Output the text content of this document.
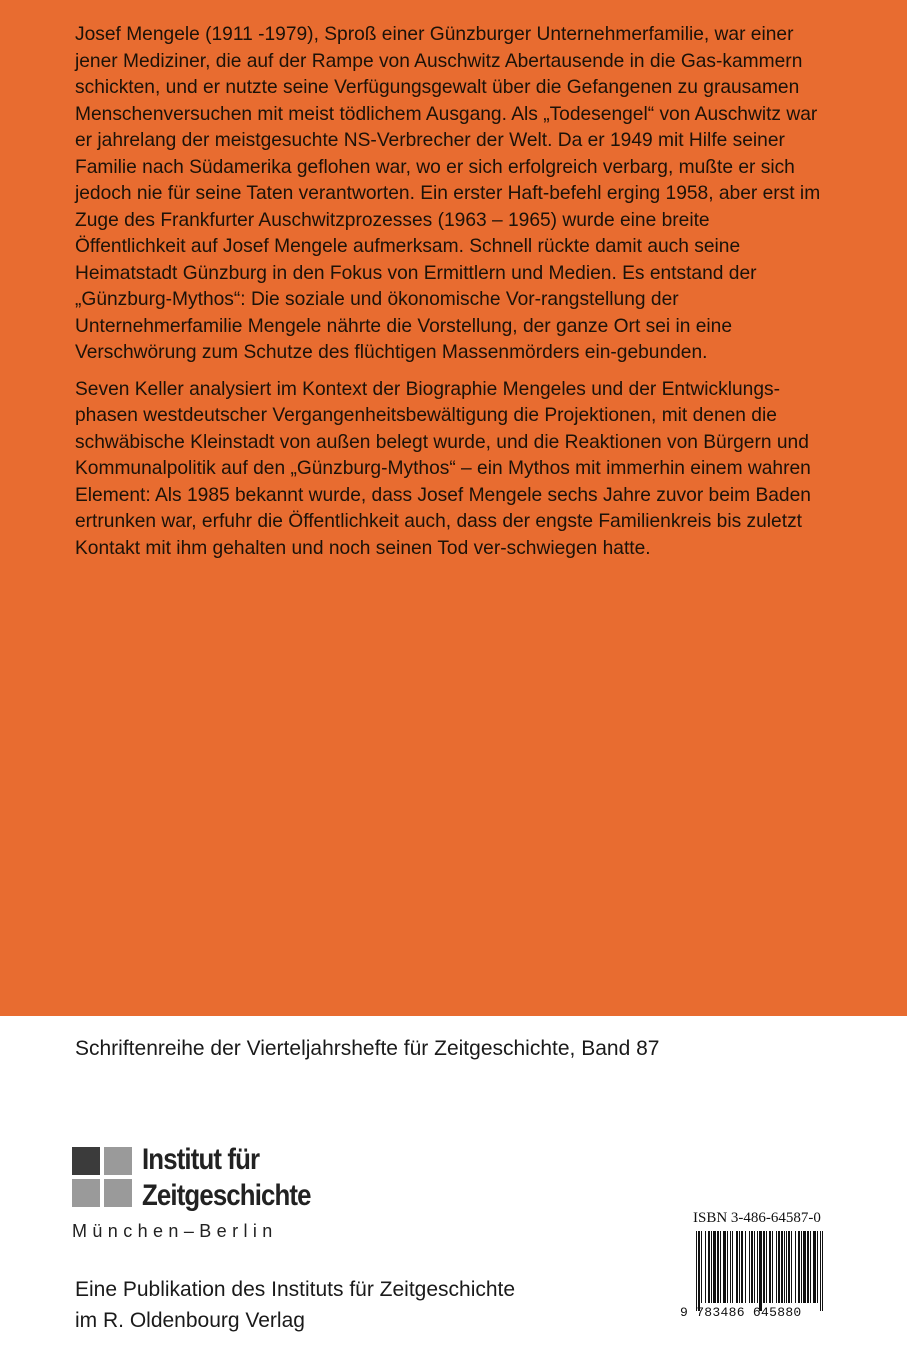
Josef Mengele (1911 -1979), Sproß einer Günzburger Unternehmerfamilie, war einer jener Mediziner, die auf der Rampe von Auschwitz Abertausende in die Gas-kammern schickten, und er nutzte seine Verfügungsgewalt über die Gefangenen zu grausamen Menschenversuchen mit meist tödlichem Ausgang. Als „Todesengel“ von Auschwitz war er jahrelang der meistgesuchte NS-Verbrecher der Welt. Da er 1949 mit Hilfe seiner Familie nach Südamerika geflohen war, wo er sich erfolgreich verbarg, mußte er sich jedoch nie für seine Taten verantworten. Ein erster Haft-befehl erging 1958, aber erst im Zuge des Frankfurter Auschwitzprozesses (1963 – 1965) wurde eine breite Öffentlichkeit auf Josef Mengele aufmerksam. Schnell rückte damit auch seine Heimatstadt Günzburg in den Fokus von Ermittlern und Medien. Es entstand der „Günzburg-Mythos“: Die soziale und ökonomische Vor-rangstellung der Unternehmerfamilie Mengele nährte die Vorstellung, der ganze Ort sei in eine Verschwörung zum Schutze des flüchtigen Massenmörders ein-gebunden.

Seven Keller analysiert im Kontext der Biographie Mengeles und der Entwicklungs-phasen westdeutscher Vergangenheitsbewältigung die Projektionen, mit denen die schwäbische Kleinstadt von außen belegt wurde, und die Reaktionen von Bürgern und Kommunalpolitik auf den „Günzburg-Mythos“ – ein Mythos mit immerhin einem wahren Element: Als 1985 bekannt wurde, dass Josef Mengele sechs Jahre zuvor beim Baden ertrunken war, erfuhr die Öffentlichkeit auch, dass der engste Familienkreis bis zuletzt Kontakt mit ihm gehalten und noch seinen Tod ver-schwiegen hatte.

Schriftenreihe der Vierteljahrshefte für Zeitgeschichte, Band 87
Institut für
Zeitgeschichte
München–Berlin
Eine Publikation des Instituts für Zeitgeschichte
im R. Oldenbourg Verlag
ISBN 3-486-64587-0
9 783486 645880
